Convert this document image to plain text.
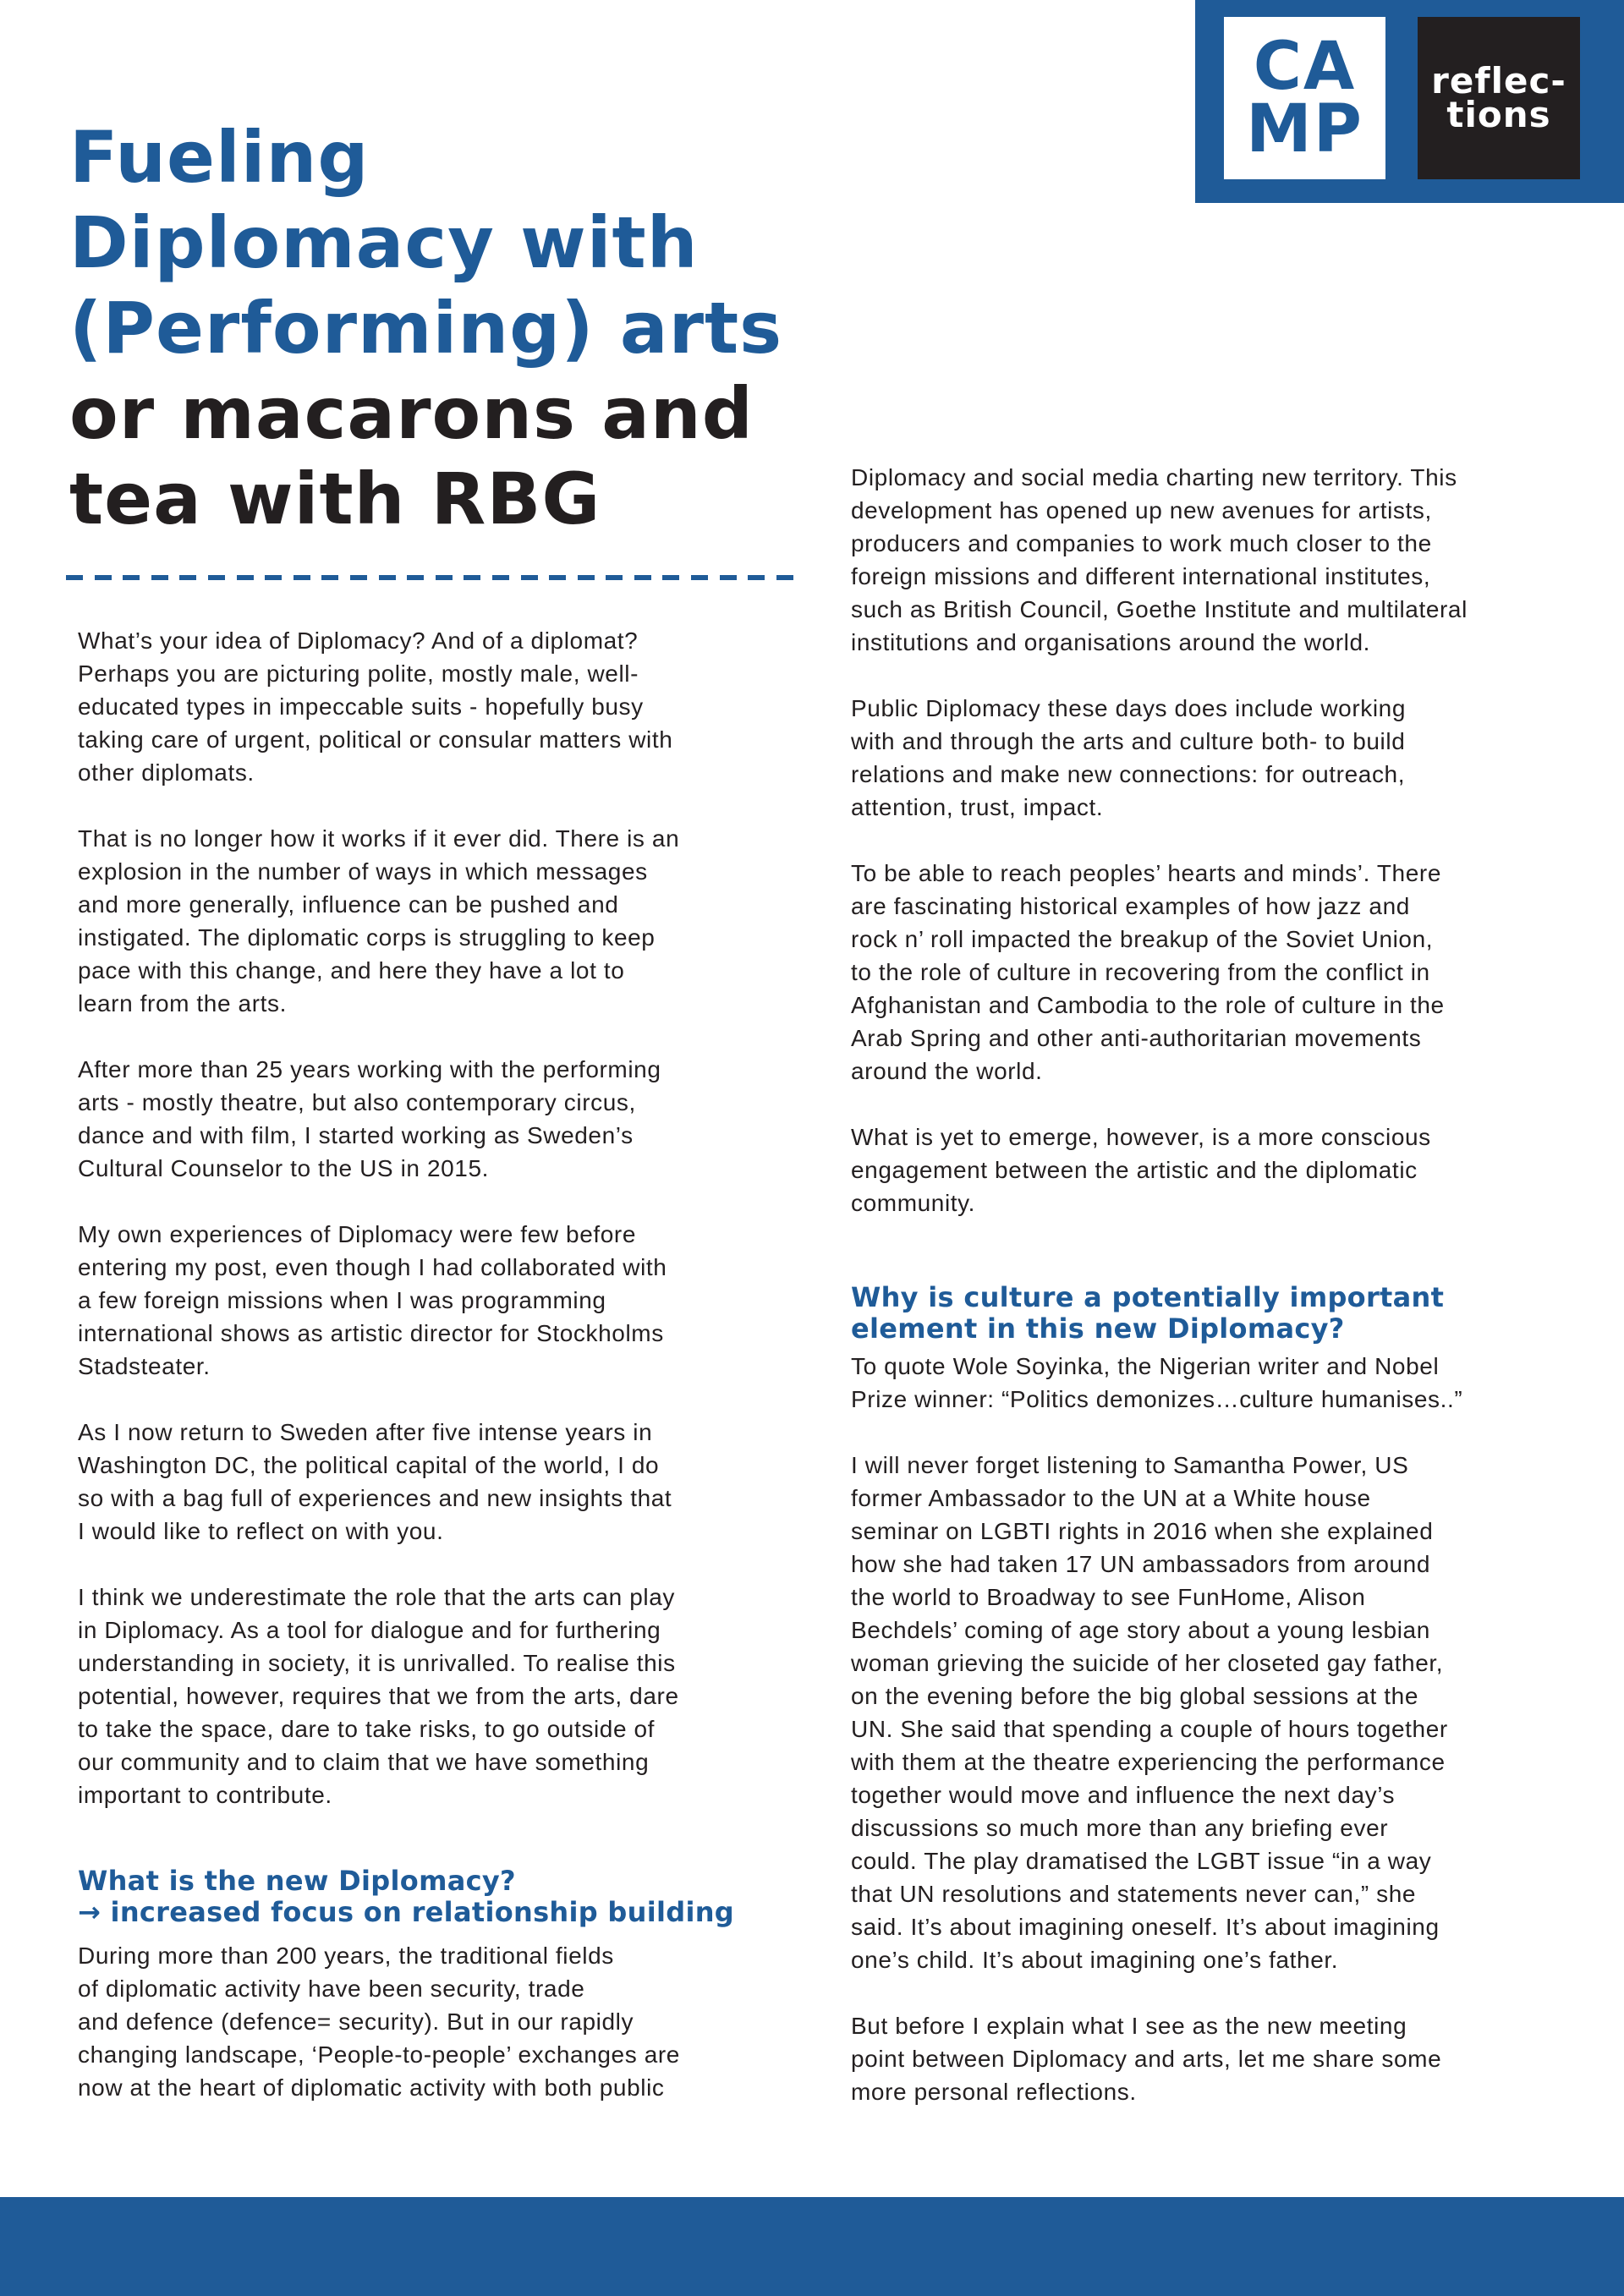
CA
MP
reflec-
tions
Fueling
Diplomacy with
(Performing) arts
or macarons and
tea with RBG
What’s your idea of Diplomacy? And of a diplomat?
Perhaps you are picturing polite, mostly male, well-
educated types in impeccable suits - hopefully busy
taking care of urgent, political or consular matters with
other diplomats.
That is no longer how it works if it ever did. There is an
explosion in the number of ways in which messages
and more generally, influence can be pushed and
instigated. The diplomatic corps is struggling to keep
pace with this change, and here they have a lot to
learn from the arts.
After more than 25 years working with the performing
arts - mostly theatre, but also contemporary circus,
dance and with film, I started working as Sweden’s
Cultural Counselor to the US in 2015.
My own experiences of Diplomacy were few before
entering my post, even though I had collaborated with
a few foreign missions when I was programming
international shows as artistic director for Stockholms
Stadsteater.
As I now return to Sweden after five intense years in
Washington DC, the political capital of the world, I do
so with a bag full of experiences and new insights that
I would like to reflect on with you.
I think we underestimate the role that the arts can play
in Diplomacy. As a tool for dialogue and for furthering
understanding in society, it is unrivalled. To realise this
potential, however, requires that we from the arts, dare
to take the space, dare to take risks, to go outside of
our community and to claim that we have something
important to contribute.
What is the new Diplomacy?
→ increased focus on relationship building
During more than 200 years, the traditional fields
of diplomatic activity have been security, trade
and defence (defence= security). But in our rapidly
changing landscape, ‘People-to-people’ exchanges are
now at the heart of diplomatic activity with both public
Diplomacy and social media charting new territory. This
development has opened up new avenues for artists,
producers and companies to work much closer to the
foreign missions and different international institutes,
such as British Council, Goethe Institute and multilateral
institutions and organisations around the world.
Public Diplomacy these days does include working
with and through the arts and culture both- to build
relations and make new connections: for outreach,
attention, trust, impact.
To be able to reach peoples’ hearts and minds’. There
are fascinating historical examples of how jazz and
rock n’ roll impacted the breakup of the Soviet Union,
to the role of culture in recovering from the conflict in
Afghanistan and Cambodia to the role of culture in the
Arab Spring and other anti-authoritarian movements
around the world.
What is yet to emerge, however, is a more conscious
engagement between the artistic and the diplomatic
community.
Why is culture a potentially important
element in this new Diplomacy?
To quote Wole Soyinka, the Nigerian writer and Nobel
Prize winner: “Politics demonizes…culture humanises..”
I will never forget listening to Samantha Power, US
former Ambassador to the UN at a White house
seminar on LGBTI rights in 2016 when she explained
how she had taken 17 UN ambassadors from around
the world to Broadway to see FunHome, Alison
Bechdels’ coming of age story about a young lesbian
woman grieving the suicide of her closeted gay father,
on the evening before the big global sessions at the
UN. She said that spending a couple of hours together
with them at the theatre experiencing the performance
together would move and influence the next day’s
discussions so much more than any briefing ever
could. The play dramatised the LGBT issue “in a way
that UN resolutions and statements never can,” she
said. It’s about imagining oneself. It’s about imagining
one’s child. It’s about imagining one’s father.
But before I explain what I see as the new meeting
point between Diplomacy and arts, let me share some
more personal reflections.
